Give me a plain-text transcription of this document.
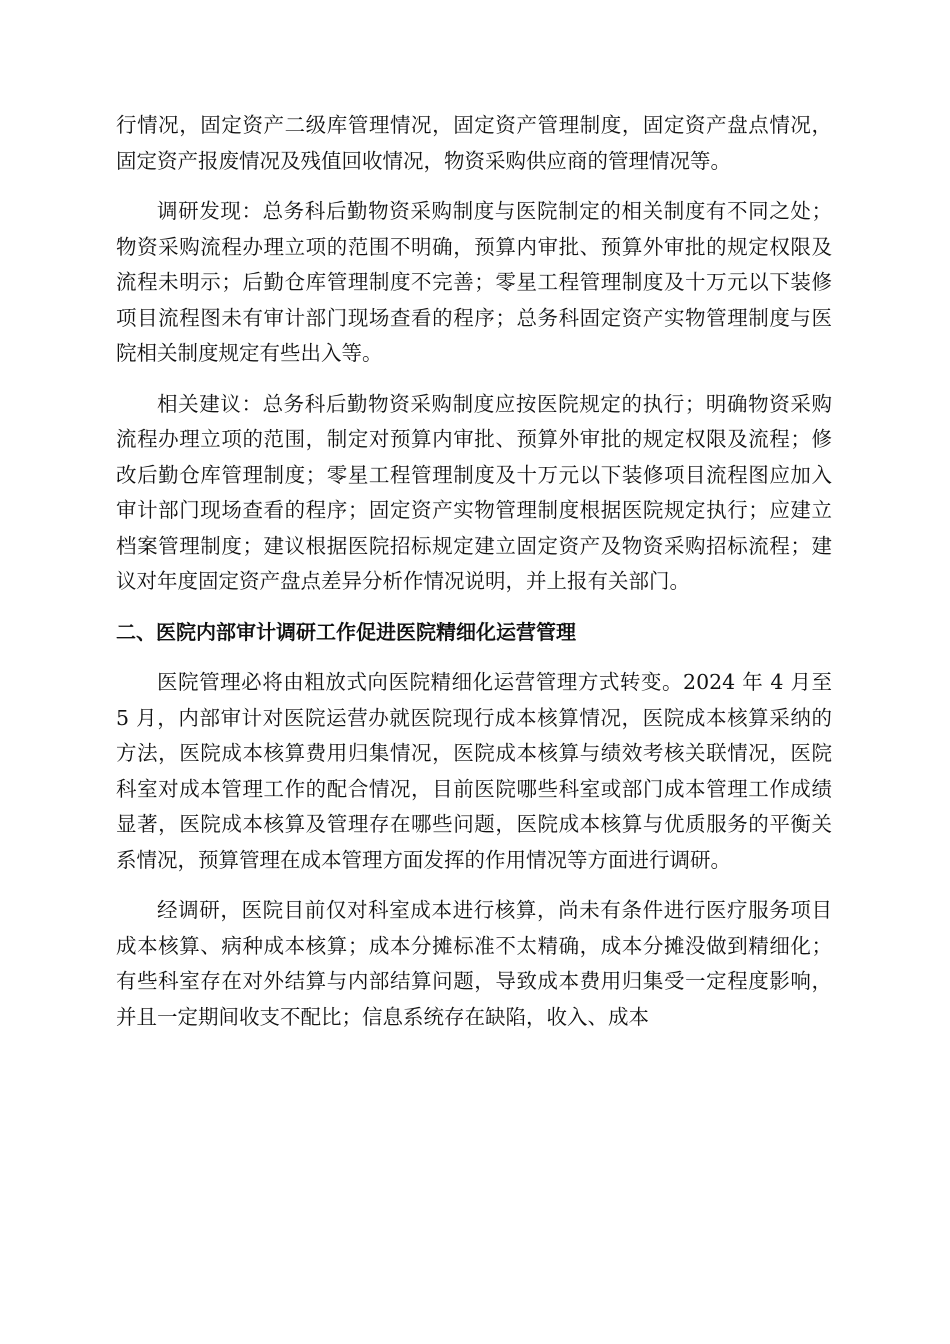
行情况，固定资产二级库管理情况，固定资产管理制度，固定资产盘点情况，固定资产报废情况及残值回收情况，物资采购供应商的管理情况等。

调研发现：总务科后勤物资采购制度与医院制定的相关制度有不同之处；物资采购流程办理立项的范围不明确，预算内审批、预算外审批的规定权限及流程未明示；后勤仓库管理制度不完善；零星工程管理制度及十万元以下装修项目流程图未有审计部门现场查看的程序；总务科固定资产实物管理制度与医院相关制度规定有些出入等。

相关建议：总务科后勤物资采购制度应按医院规定的执行；明确物资采购流程办理立项的范围，制定对预算内审批、预算外审批的规定权限及流程；修改后勤仓库管理制度；零星工程管理制度及十万元以下装修项目流程图应加入审计部门现场查看的程序；固定资产实物管理制度根据医院规定执行；应建立档案管理制度；建议根据医院招标规定建立固定资产及物资采购招标流程；建议对年度固定资产盘点差异分析作情况说明，并上报有关部门。

二、医院内部审计调研工作促进医院精细化运营管理

医院管理必将由粗放式向医院精细化运营管理方式转变。2024 年 4 月至 5 月，内部审计对医院运营办就医院现行成本核算情况，医院成本核算采纳的方法，医院成本核算费用归集情况，医院成本核算与绩效考核关联情况，医院科室对成本管理工作的配合情况，目前医院哪些科室或部门成本管理工作成绩显著，医院成本核算及管理存在哪些问题，医院成本核算与优质服务的平衡关系情况，预算管理在成本管理方面发挥的作用情况等方面进行调研。

经调研，医院目前仅对科室成本进行核算，尚未有条件进行医疗服务项目成本核算、病种成本核算；成本分摊标准不太精确，成本分摊没做到精细化；有些科室存在对外结算与内部结算问题，导致成本费用归集受一定程度影响，并且一定期间收支不配比；信息系统存在缺陷，收入、成本
